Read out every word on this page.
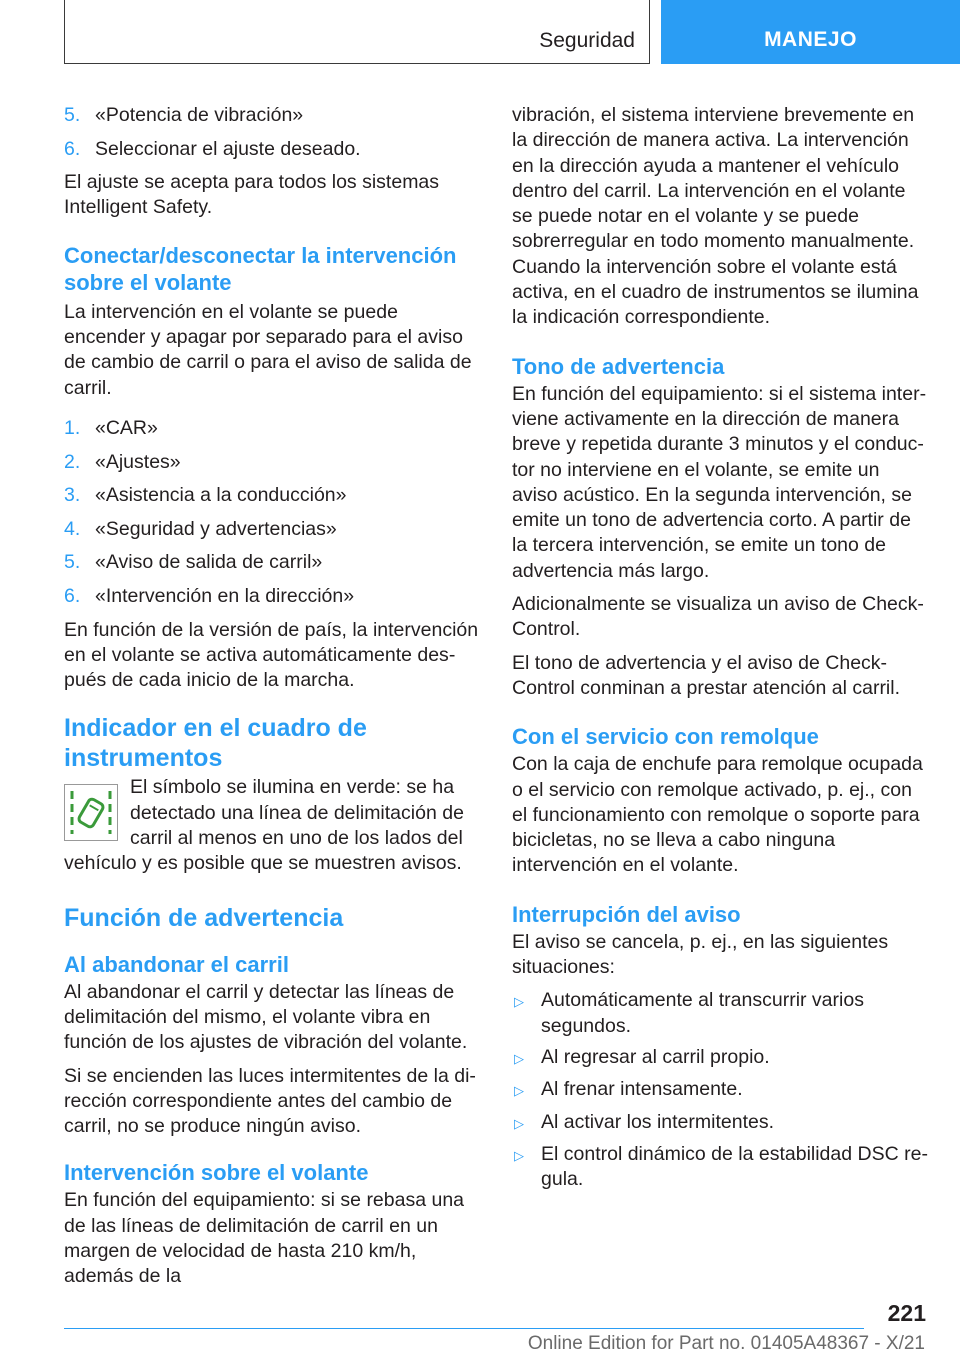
Seguridad	MANEJO
5. «Potencia de vibración»
6. Seleccionar el ajuste deseado.

El ajuste se acepta para todos los sistemas Intelligent Safety.

Conectar/desconectar la intervención sobre el volante

La intervención en el volante se puede encender y apagar por separado para el aviso de cambio de carril o para el aviso de salida de carril.

1. «CAR»
2. «Ajustes»
3. «Asistencia a la conducción»
4. «Seguridad y advertencias»
5. «Aviso de salida de carril»
6. «Intervención en la dirección»

En función de la versión de país, la intervención en el volante se activa automáticamente después de cada inicio de la marcha.

Indicador en el cuadro de instrumentos

El símbolo se ilumina en verde: se ha detectado una línea de delimitación de carril al menos en uno de los lados del vehículo y es posible que se muestren avisos.

Función de advertencia
Al abandonar el carril

Al abandonar el carril y detectar las líneas de delimitación del mismo, el volante vibra en función de los ajustes de vibración del volante.

Si se encienden las luces intermitentes de la dirección correspondiente antes del cambio de carril, no se produce ningún aviso.

Intervención sobre el volante

En función del equipamiento: si se rebasa una de las líneas de delimitación de carril en un margen de velocidad de hasta 210 km/h, además de la

vibración, el sistema interviene brevemente en la dirección de manera activa. La intervención en la dirección ayuda a mantener el vehículo dentro del carril. La intervención en el volante se puede notar en el volante y se puede sobrerregular en todo momento manualmente. Cuando la intervención sobre el volante está activa, en el cuadro de instrumentos se ilumina la indicación correspondiente.

Tono de advertencia

En función del equipamiento: si el sistema interviene activamente en la dirección de manera breve y repetida durante 3 minutos y el conductor no interviene en el volante, se emite un aviso acústico. En la segunda intervención, se emite un tono de advertencia corto. A partir de la tercera intervención, se emite un tono de advertencia más largo.

Adicionalmente se visualiza un aviso de Check-Control.

El tono de advertencia y el aviso de Check-Control conminan a prestar atención al carril.

Con el servicio con remolque

Con la caja de enchufe para remolque ocupada o el servicio con remolque activado, p. ej., con el funcionamiento con remolque o soporte para bicicletas, no se lleva a cabo ninguna intervención en el volante.

Interrupción del aviso

El aviso se cancela, p. ej., en las siguientes situaciones:

▷ Automáticamente al transcurrir varios segundos.
▷ Al regresar al carril propio.
▷ Al frenar intensamente.
▷ Al activar los intermitentes.
▷ El control dinámico de la estabilidad DSC regula.
221
Online Edition for Part no. 01405A48367 - X/21
